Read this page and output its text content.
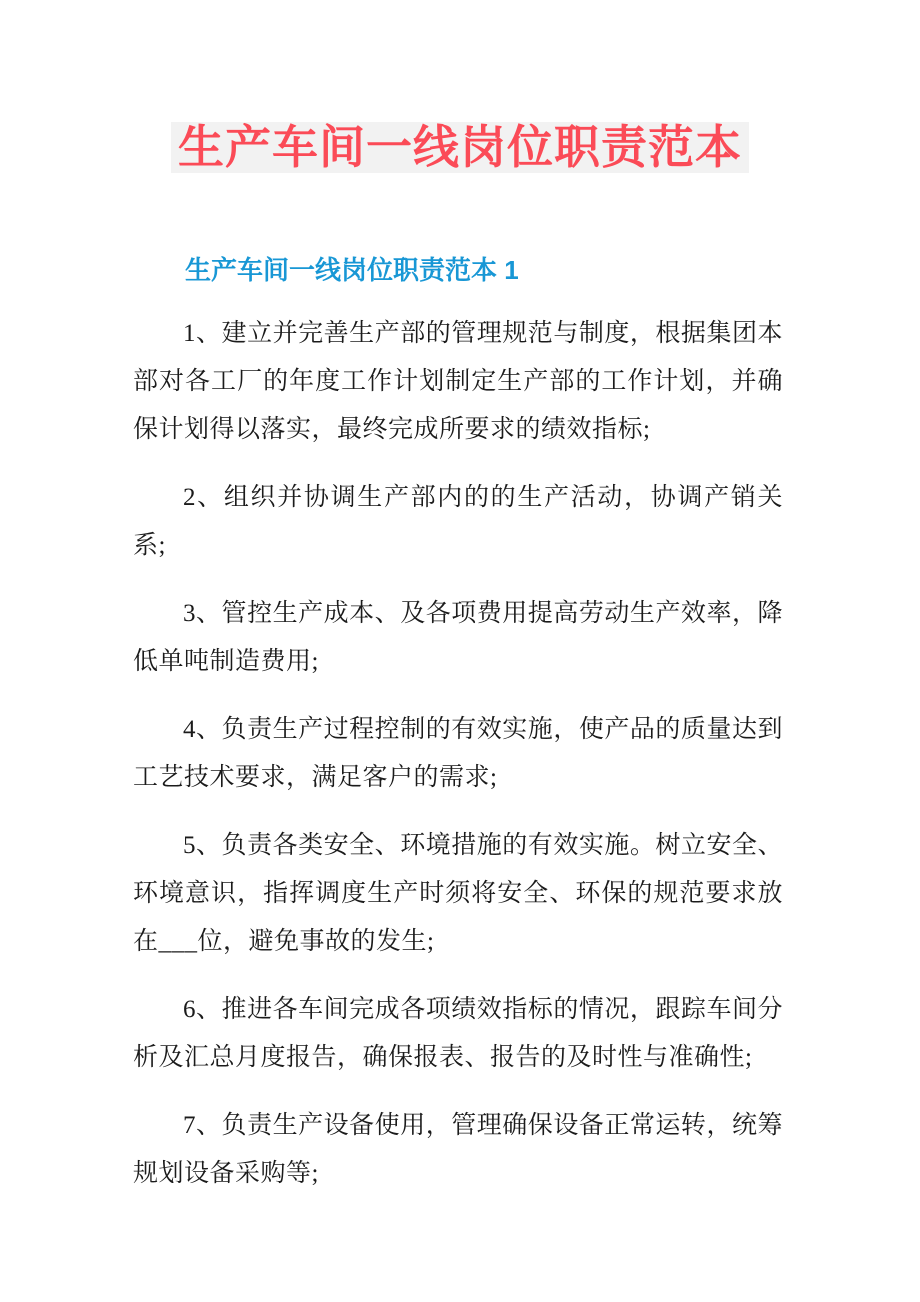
生产车间一线岗位职责范本
生产车间一线岗位职责范本 1

1、建立并完善生产部的管理规范与制度，根据集团本部对各工厂的年度工作计划制定生产部的工作计划，并确保计划得以落实，最终完成所要求的绩效指标;

2、组织并协调生产部内的的生产活动，协调产销关系;

3、管控生产成本、及各项费用提高劳动生产效率，降低单吨制造费用;

4、负责生产过程控制的有效实施，使产品的质量达到工艺技术要求，满足客户的需求;

5、负责各类安全、环境措施的有效实施。树立安全、环境意识，指挥调度生产时须将安全、环保的规范要求放在___位，避免事故的发生;

6、推进各车间完成各项绩效指标的情况，跟踪车间分析及汇总月度报告，确保报表、报告的及时性与准确性;

7、负责生产设备使用，管理确保设备正常运转，统筹规划设备采购等;
